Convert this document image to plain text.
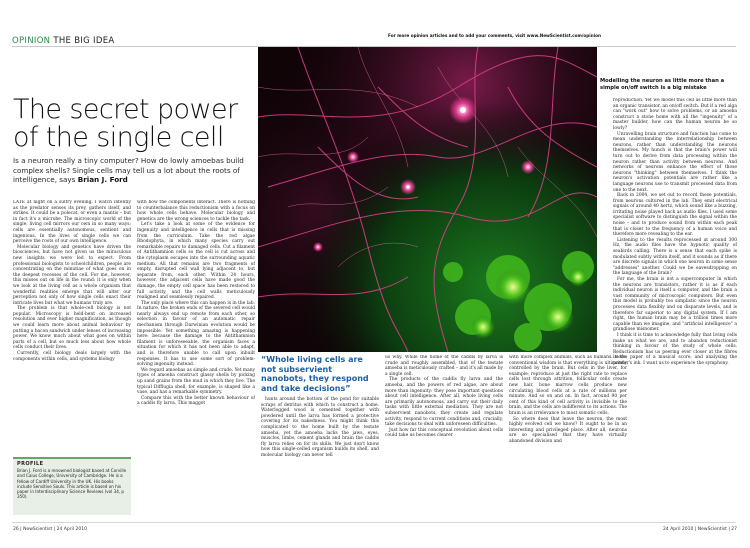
OPINION THE BIG IDEA
For more opinion articles and to add your comments, visit www.NewScientist.com/opinion
The secret power of the single cell
Is a neuron really a tiny computer? How do lowly amoebas build complex shells? Single cells may tell us a lot about the roots of intelligence, says Brian J. Ford
Modelling the neuron as little more than a simple on/off switch is a big mistake

LATE at night on a sultry evening, I watch intently as the predator senses its prey, gathers itself, and strikes. It could be a polecat, or even a mantis – but in fact it's a microbe. The microscopic world of the single, living cell mirrors our own in so many ways: cells are essentially autonomous, sentient and ingenious. In the lives of single cells we can perceive the roots of our own intelligence.

Molecular biology and genetics have driven the biosciences, but have not given us the miraculous new insights we were led to expect. From professional biologists to schoolchildren, people are concentrating on the minutiae of what goes on in the deepest recesses of the cell. For me, however, this misses out on life in the round: it is only when we look at the living cell as a whole organism that wonderful realities emerge that will alter our perception not only of how single cells enact their intricate lives but what we humans truly are.

The problem is that whole-cell biology is not popular. Microscopy is held-bent on increased resolution and ever higher magnification, as though we could learn more about animal behaviour by putting a bacon sandwich under lenses of increasing power. We know much about what goes on within parts of a cell, but so much less about how whole cells conduct their lives.

Currently, cell biology deals largely with the components within cells, and systems biology

with how the components interact. There is nothing to counterbalance this reductionism with a focus on how whole cells behave. Molecular biology and genetics are the wrong sciences to tackle the task.

Let's take a look at some of the evidence for ingenuity and intelligence in cells that is missing from the curriculum. Take the red algae Rhodophyta, in which many species carry out remarkable repairs to damaged cells. Cut a filament of Antithamnion cells so the cell is cut across and the cytoplasm escapes into the surrounding aquatic medium. All that remains are two fragments of empty, disrupted cell wall lying adjacent to, but separate from, each other. Within 24 hours, however, the adjacent cells have made good the damage, the empty cell space has been restored to full activity, and the cell walls meticulously realigned and seamlessly repaired.

The only place where this can happen is in the lab. In nature, the broken ends of the severed cell would nearly always end up remote from each other, so selection in favour of an automatic repair mechanism through Darwinian evolution would be impossible. Yet something amazing is happening here: because the damage to the Antithamnion filament is unforeseeable, the organism faces a situation for which it has not been able to adapt, and is therefore unable to call upon inbuilt responses. It has to use some sort of problem-solving ingenuity instead.

We regard amoebas as simple and crude. Yet many types of amoeba construct glassy shells by picking up sand grains from the mud in which they live. The typical Difflugia shell, for example, is shaped like a vase, and has a remarkable symmetry.

Compare this with the better known behaviour of a caddis fly larva. This maggot

hunts around the bottom of the pond for suitable scraps of detritus with which to construct a home. Waterlogged wood is cemented together with powdered until the larva has formed a protective covering for its nakedness. You might think this complicated to the home built by the testate amoeba, yet the amoeba lacks the jaws, eyes, muscles, limbs, cement glands and brain the caddis fly larva relies on for its skills. We just don't know how this single-celled organism builds its shell, and molecular biology can never tell

us why. While the home of the caddis fly larva is crude and roughly assembled, that of the testate amoeba is meticulously crafted – and it's all made by a single cell.

The products of the caddis fly larva and the amoeba, and the powers of red algae, are about more than ingenuity: they pose important questions about cell intelligence. After all, whole living cells are primarily autonomous, and carry out their daily tasks with little external mediation. They are not subservient nanobots, they create and regulate activity, respond to current conditions and, crucially, take decisions to deal with unforeseen difficulties.

Just how far this conceptual revolution about cells could take us becomes clearer

with more complex animals, such as humans. Here, conventional wisdom is that everything is ultimately controlled by the brain. But cells in the liver, for example, reproduce at just the right rate to replace cells lost through attrition, follicular cells create new hair, bone marrow cells produce new circulating blood cells at a rate of millions per minute. And so on and on. In fact, around 90 per cent of this kind of cell activity is invisible to the brain, and the cells are indifferent to its actions. The brain is an irrelevance to most somatic cells.

So where does that leave the neuron, the most highly evolved cell we know? It ought to be in an interesting and privileged place. After all, neurons are so specialised that they have virtually abandoned division and

reproduction. Yet we model this cell as little more than an organic transistor, an on/off switch. But if a red alga can "work out" how to solve problems, or an amoeba construct a stone home with all the "ingenuity" of a master builder, how can the human neuron be so lowly?

Unravelling brain structure and function has come to mean understanding the interrelationship between neurons, rather than understanding the neurons themselves. My hunch is that the brain's power will turn out to derive from data processing within the neuron rather than activity between neurons. And networks of neurons enhance the effect of those neurons "thinking" between themselves. I think the neuron's activation potentials are rather like a language neurons use to transmit processed data from one to the next.

Back in 2004, we set out to record these potentials, from neurons cultured in the lab. They emit electrical signals of around 40 hertz, which sound like a buzzing, irritating noise played back as audio files. I used some specialist software to distinguish the signal within the noise – and to produce sound from within each peak that is closer to the frequency of a human voice and therefore more revealing to the ear.

Listening to the results reprocessed at around 300 Hz, the audio files have the hypnotic quality of seabirds calling. There is a sense that each spike is modulated subtly within itself, and it sounds as if there are discrete signals in which one neuron in some sense "addresses" another. Could we be eavesdropping on the language of the brain?

For me, the brain is not a supercomputer in which the neurons are transistors, rather it is as if each individual neuron is itself a computer, and the brain a vast community of microscopic computers. But even this model is probably too simplistic since the neuron processes data flexibly and on disparate levels, and is therefore far superior to any digital system. If I am right, the human brain may be a trillion times more capable than we imagine, and "artificial intelligence" a grandiose misnomer.

I think it is time to acknowledge fully that living cells make us what we are, and to abandon reductionist thinking in favour of the study of whole cells. Reductionism has us peering ever closer at the fibres in the paper of a musical score, and analysing the printer's ink. I want us to experience the symphony.

“Whole living cells are not subservient nanobots, they respond and take decisions”
PROFILE
Brian J. Ford is a renowned biologist based at Corville and Caius College, University of Cambridge. He is a fellow of Cardiff University in the UK. His books include Sensitive Souls. This article is based on his paper in Interdisciplinary Science Reviews (vol 34, p 350).
26 | NewScientist | 24 April 2010	24 April 2010 | NewScientist | 27
